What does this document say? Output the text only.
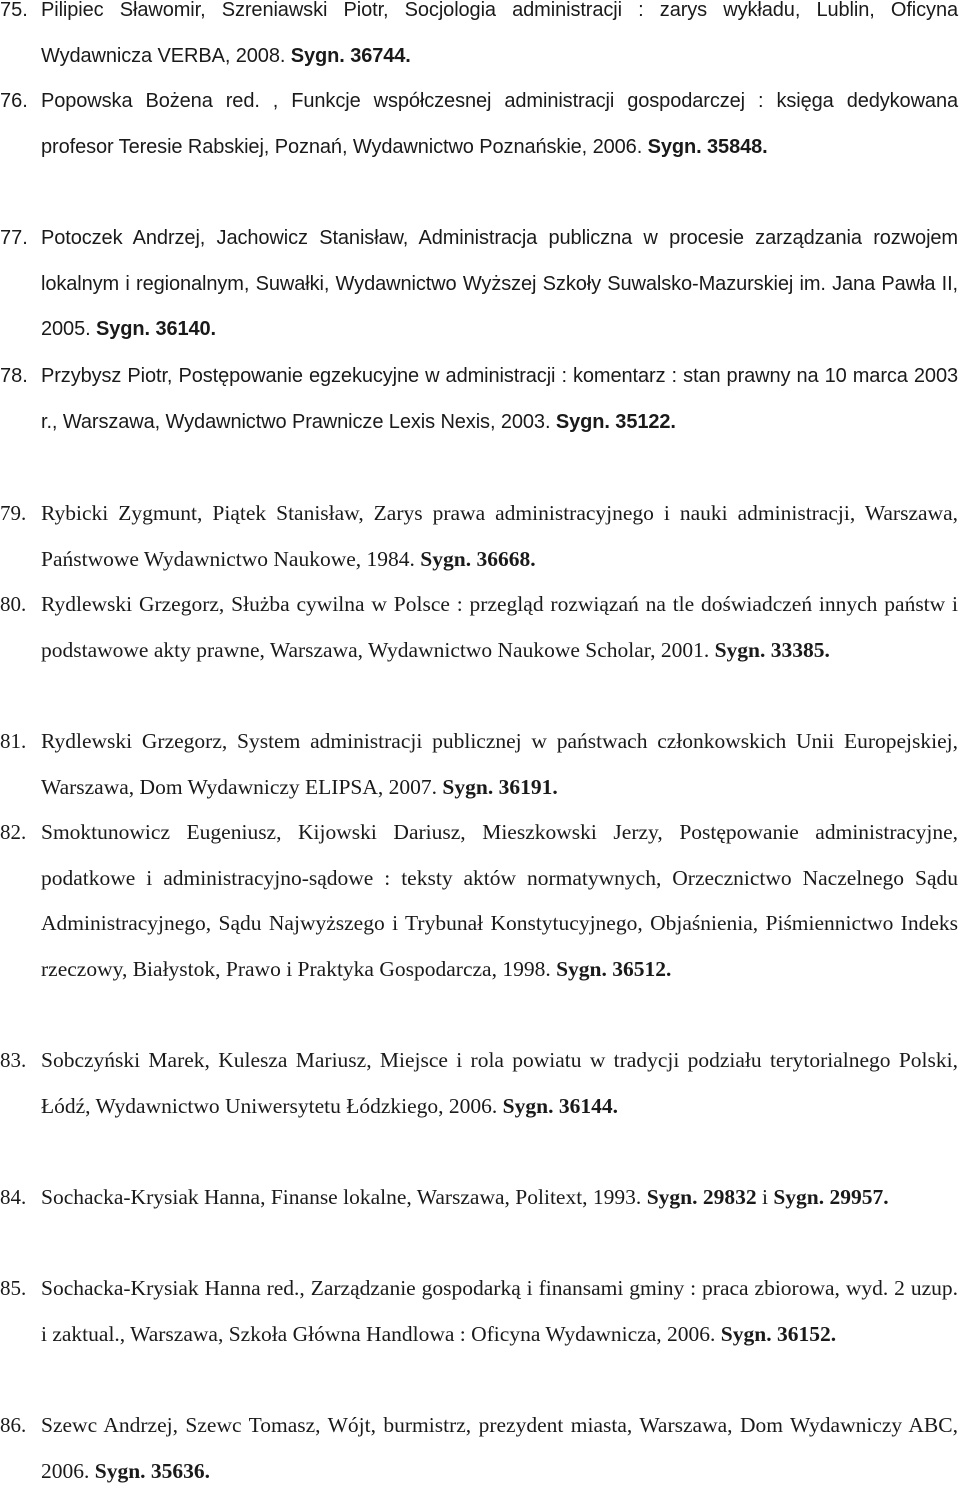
75. Pilipiec Sławomir, Szreniawski Piotr, Socjologia administracji : zarys wykładu, Lublin, Oficyna Wydawnicza VERBA, 2008. Sygn. 36744.
76. Popowska Bożena red. , Funkcje współczesnej administracji gospodarczej : księga dedykowana profesor Teresie Rabskiej, Poznań, Wydawnictwo Poznańskie, 2006. Sygn. 35848.
77. Potoczek Andrzej, Jachowicz Stanisław, Administracja publiczna w procesie zarządzania rozwojem lokalnym i regionalnym, Suwałki, Wydawnictwo Wyższej Szkoły Suwalsko-Mazurskiej im. Jana Pawła II, 2005. Sygn. 36140.
78. Przybysz Piotr, Postępowanie egzekucyjne w administracji : komentarz : stan prawny na 10 marca 2003 r., Warszawa, Wydawnictwo Prawnicze Lexis Nexis, 2003. Sygn. 35122.
79. Rybicki Zygmunt, Piątek Stanisław, Zarys prawa administracyjnego i nauki administracji, Warszawa, Państwowe Wydawnictwo Naukowe, 1984. Sygn. 36668.
80. Rydlewski Grzegorz, Służba cywilna w Polsce : przegląd rozwiązań na tle doświadczeń innych państw i podstawowe akty prawne, Warszawa, Wydawnictwo Naukowe Scholar, 2001. Sygn. 33385.
81. Rydlewski Grzegorz, System administracji publicznej w państwach członkowskich Unii Europejskiej, Warszawa, Dom Wydawniczy ELIPSA, 2007. Sygn. 36191.
82. Smoktunowicz Eugeniusz, Kijowski Dariusz, Mieszkowski Jerzy, Postępowanie administracyjne, podatkowe i administracyjno-sądowe : teksty aktów normatywnych, Orzecznictwo Naczelnego Sądu Administracyjnego, Sądu Najwyższego i Trybunał Konstytucyjnego, Objaśnienia, Piśmiennictwo Indeks rzeczowy, Białystok, Prawo i Praktyka Gospodarcza, 1998. Sygn. 36512.
83. Sobczyński Marek, Kulesza Mariusz, Miejsce i rola powiatu w tradycji podziału terytorialnego Polski, Łódź, Wydawnictwo Uniwersytetu Łódzkiego, 2006. Sygn. 36144.
84. Sochacka-Krysiak Hanna, Finanse lokalne, Warszawa, Politext, 1993. Sygn. 29832 i Sygn. 29957.
85. Sochacka-Krysiak Hanna red., Zarządzanie gospodarką i finansami gminy : praca zbiorowa, wyd. 2 uzup. i zaktual., Warszawa, Szkoła Główna Handlowa : Oficyna Wydawnicza, 2006. Sygn. 36152.
86. Szewc Andrzej, Szewc Tomasz, Wójt, burmistrz, prezydent miasta, Warszawa, Dom Wydawniczy ABC, 2006. Sygn. 35636.
